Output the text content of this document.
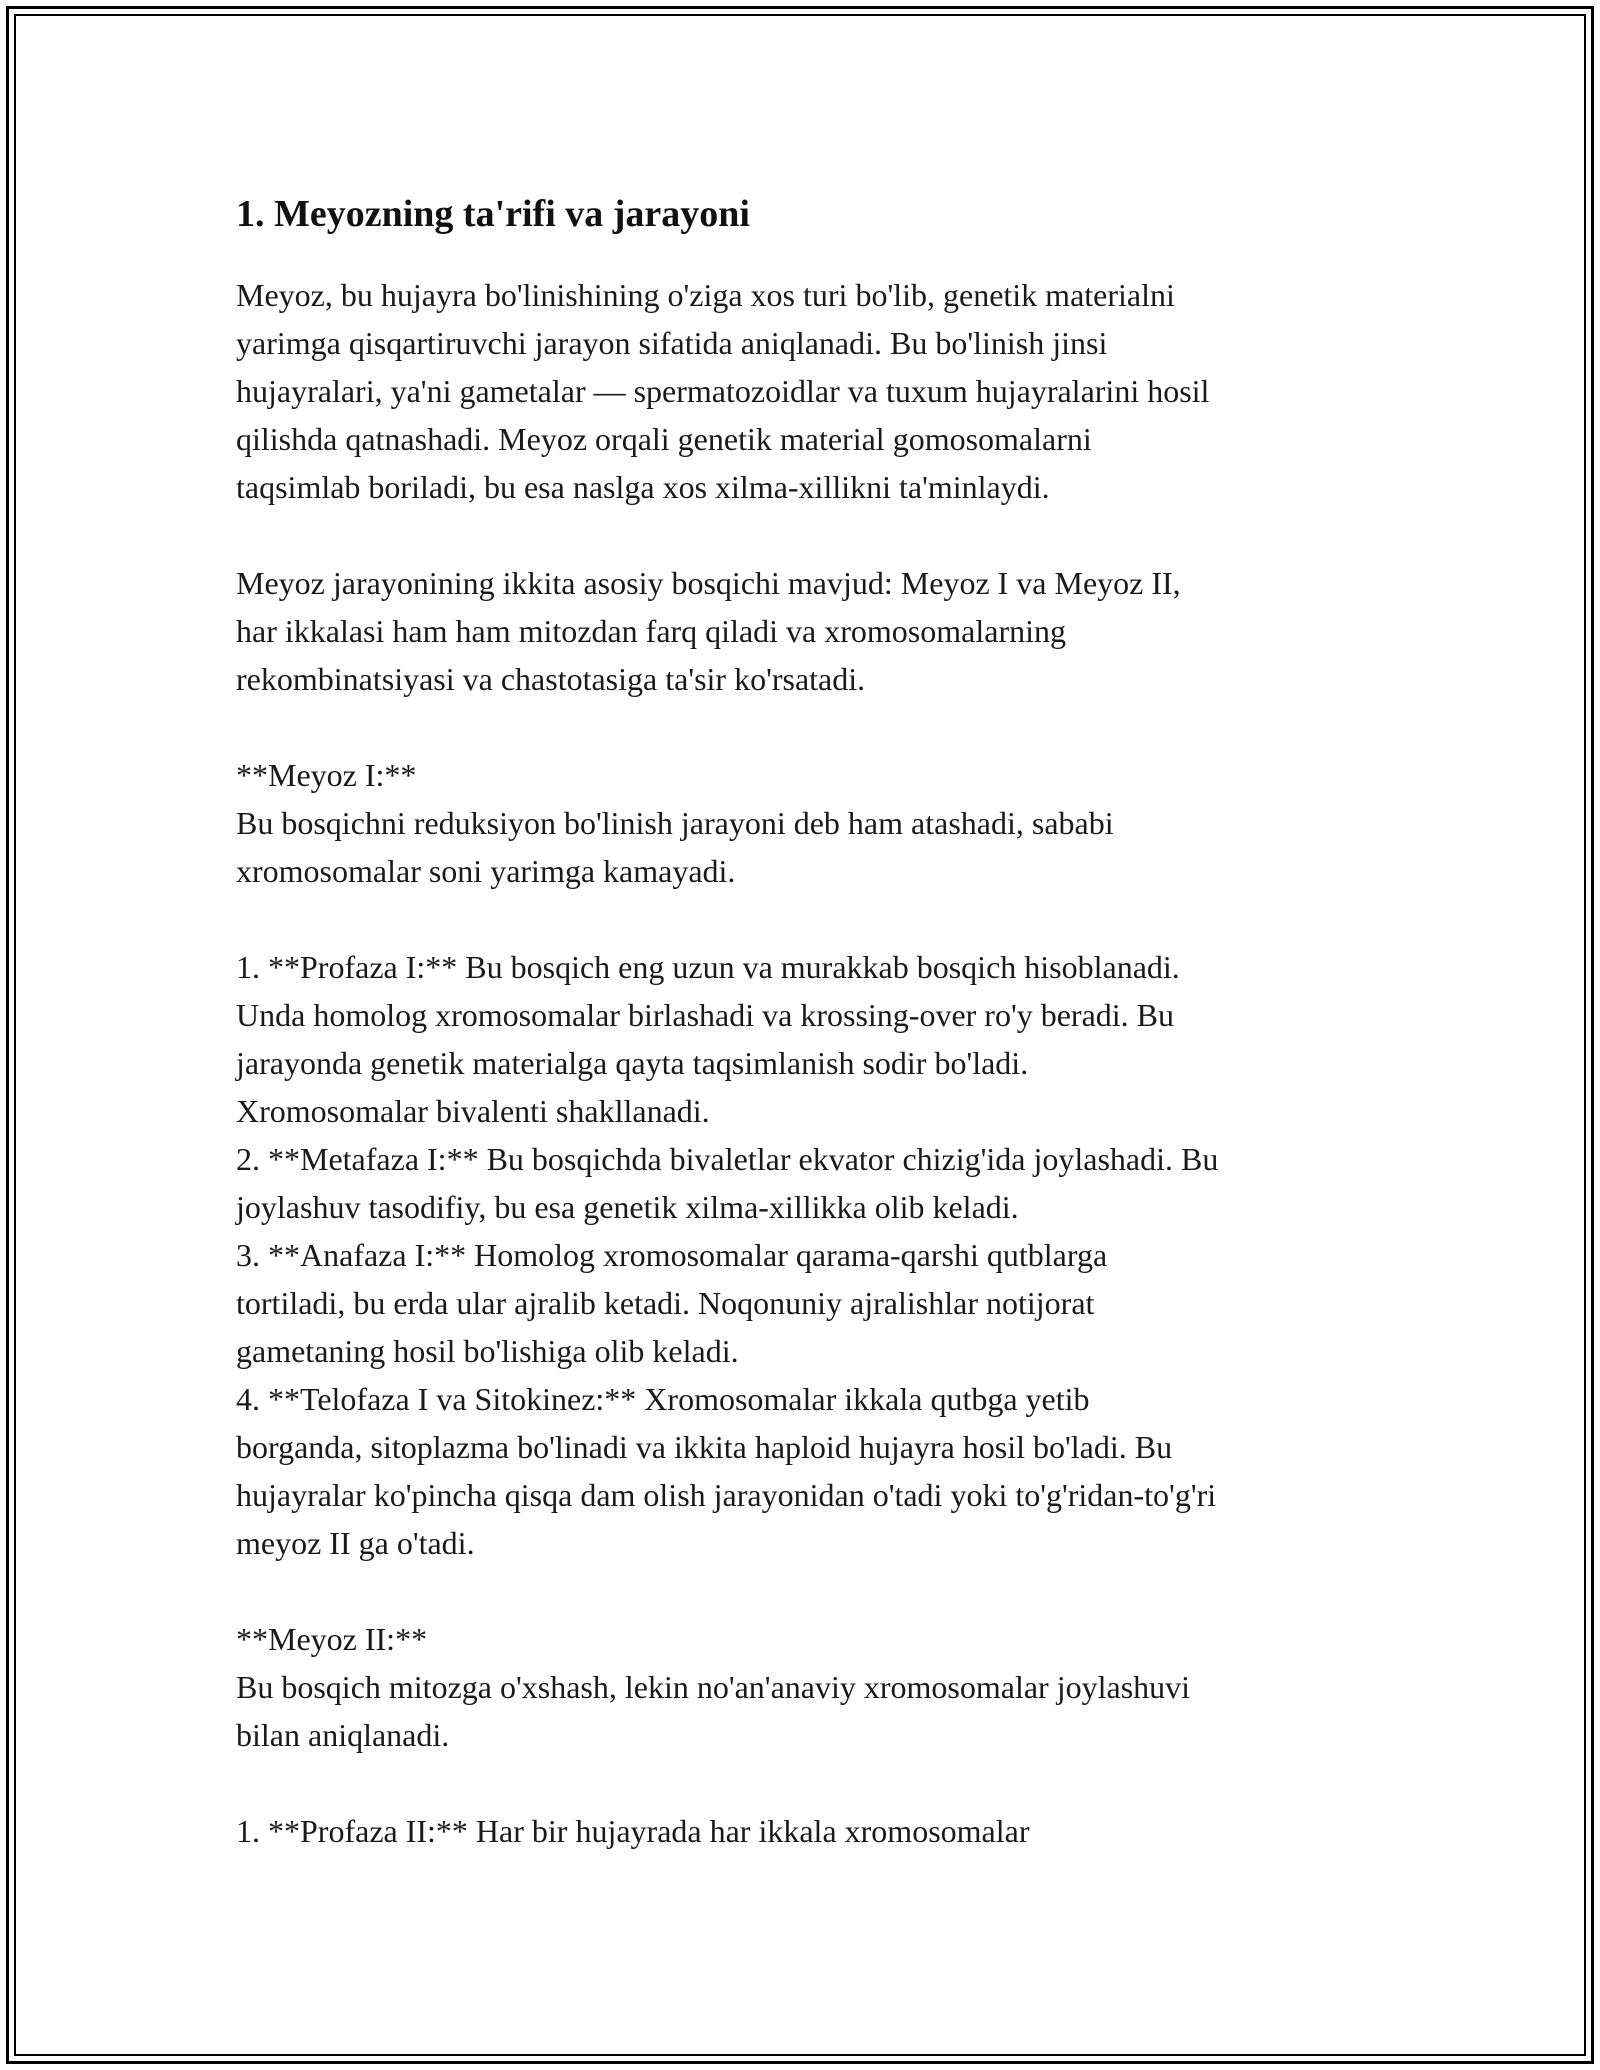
1. Meyozning ta'rifi va jarayoni

Meyoz, bu hujayra bo'linishining o'ziga xos turi bo'lib, genetik materialni
yarimga qisqartiruvchi jarayon sifatida aniqlanadi. Bu bo'linish jinsi
hujayralari, ya'ni gametalar — spermatozoidlar va tuxum hujayralarini hosil
qilishda qatnashadi. Meyoz orqali genetik material gomosomalarni
taqsimlab boriladi, bu esa naslga xos xilma-xillikni ta'minlaydi.

Meyoz jarayonining ikkita asosiy bosqichi mavjud: Meyoz I va Meyoz II,
har ikkalasi ham ham mitozdan farq qiladi va xromosomalarning
rekombinatsiyasi va chastotasiga ta'sir ko'rsatadi.

**Meyoz I:**
Bu bosqichni reduksiyon bo'linish jarayoni deb ham atashadi, sababi
xromosomalar soni yarimga kamayadi.

1. **Profaza I:** Bu bosqich eng uzun va murakkab bosqich hisoblanadi.
Unda homolog xromosomalar birlashadi va krossing-over ro'y beradi. Bu
jarayonda genetik materialga qayta taqsimlanish sodir bo'ladi.
Xromosomalar bivalenti shakllanadi.
2. **Metafaza I:** Bu bosqichda bivaletlar ekvator chizig'ida joylashadi. Bu
joylashuv tasodifiy, bu esa genetik xilma-xillikka olib keladi.
3. **Anafaza I:** Homolog xromosomalar qarama-qarshi qutblarga
tortiladi, bu erda ular ajralib ketadi. Noqonuniy ajralishlar notijorat
gametaning hosil bo'lishiga olib keladi.
4. **Telofaza I va Sitokinez:** Xromosomalar ikkala qutbga yetib
borganda, sitoplazma bo'linadi va ikkita haploid hujayra hosil bo'ladi. Bu
hujayralar ko'pincha qisqa dam olish jarayonidan o'tadi yoki to'g'ridan-to'g'ri
meyoz II ga o'tadi.

**Meyoz II:**
Bu bosqich mitozga o'xshash, lekin no'an'anaviy xromosomalar joylashuvi
bilan aniqlanadi.

1. **Profaza II:** Har bir hujayrada har ikkala xromosomalar
